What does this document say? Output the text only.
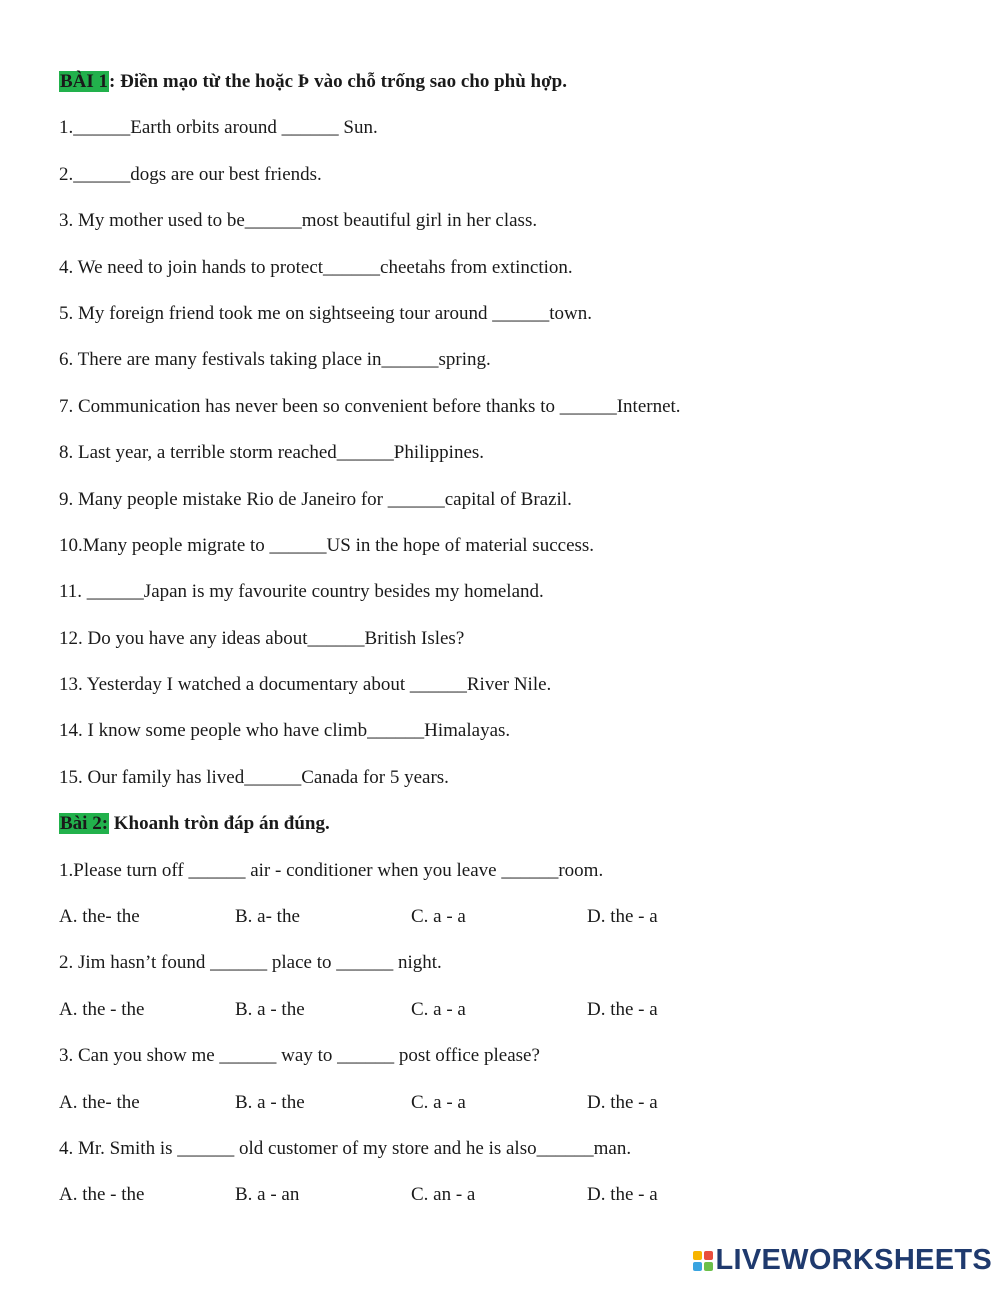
BÀI 1: Điền mạo từ the hoặc Þ vào chỗ trống sao cho phù hợp.
1.______Earth orbits around ______ Sun.
2.______dogs are our best friends.
3. My mother used to be______most beautiful girl in her class.
4. We need to join hands to protect______cheetahs from extinction.
5. My foreign friend took me on sightseeing tour around ______town.
6. There are many festivals taking place in______spring.
7. Communication has never been so convenient before thanks to ______Internet.
8. Last year, a terrible storm reached______Philippines.
9. Many people mistake Rio de Janeiro for ______capital of Brazil.
10.Many people migrate to ______US in the hope of material success.
11. ______Japan is my favourite country besides my homeland.
12. Do you have any ideas about______British Isles?
13. Yesterday I watched a documentary about ______River Nile.
14. I know some people who have climb______Himalayas.
15. Our family has lived______Canada for 5 years.
Bài 2: Khoanh tròn đáp án đúng.
1.Please turn off ______ air - conditioner when you leave ______room.
A. the- the	B. a- the	C. a - a	D. the - a
2. Jim hasn’t found ______ place to ______ night.
A. the - the	B. a - the	C. a - a	D. the - a
3. Can you show me ______ way to ______ post office please?
A. the- the	B. a - the	C. a - a	D. the - a
4. Mr. Smith is ______ old customer of my store and he is also______man.
A. the - the	B. a - an	C. an - a	D. the - a
LIVEWORKSHEETS
